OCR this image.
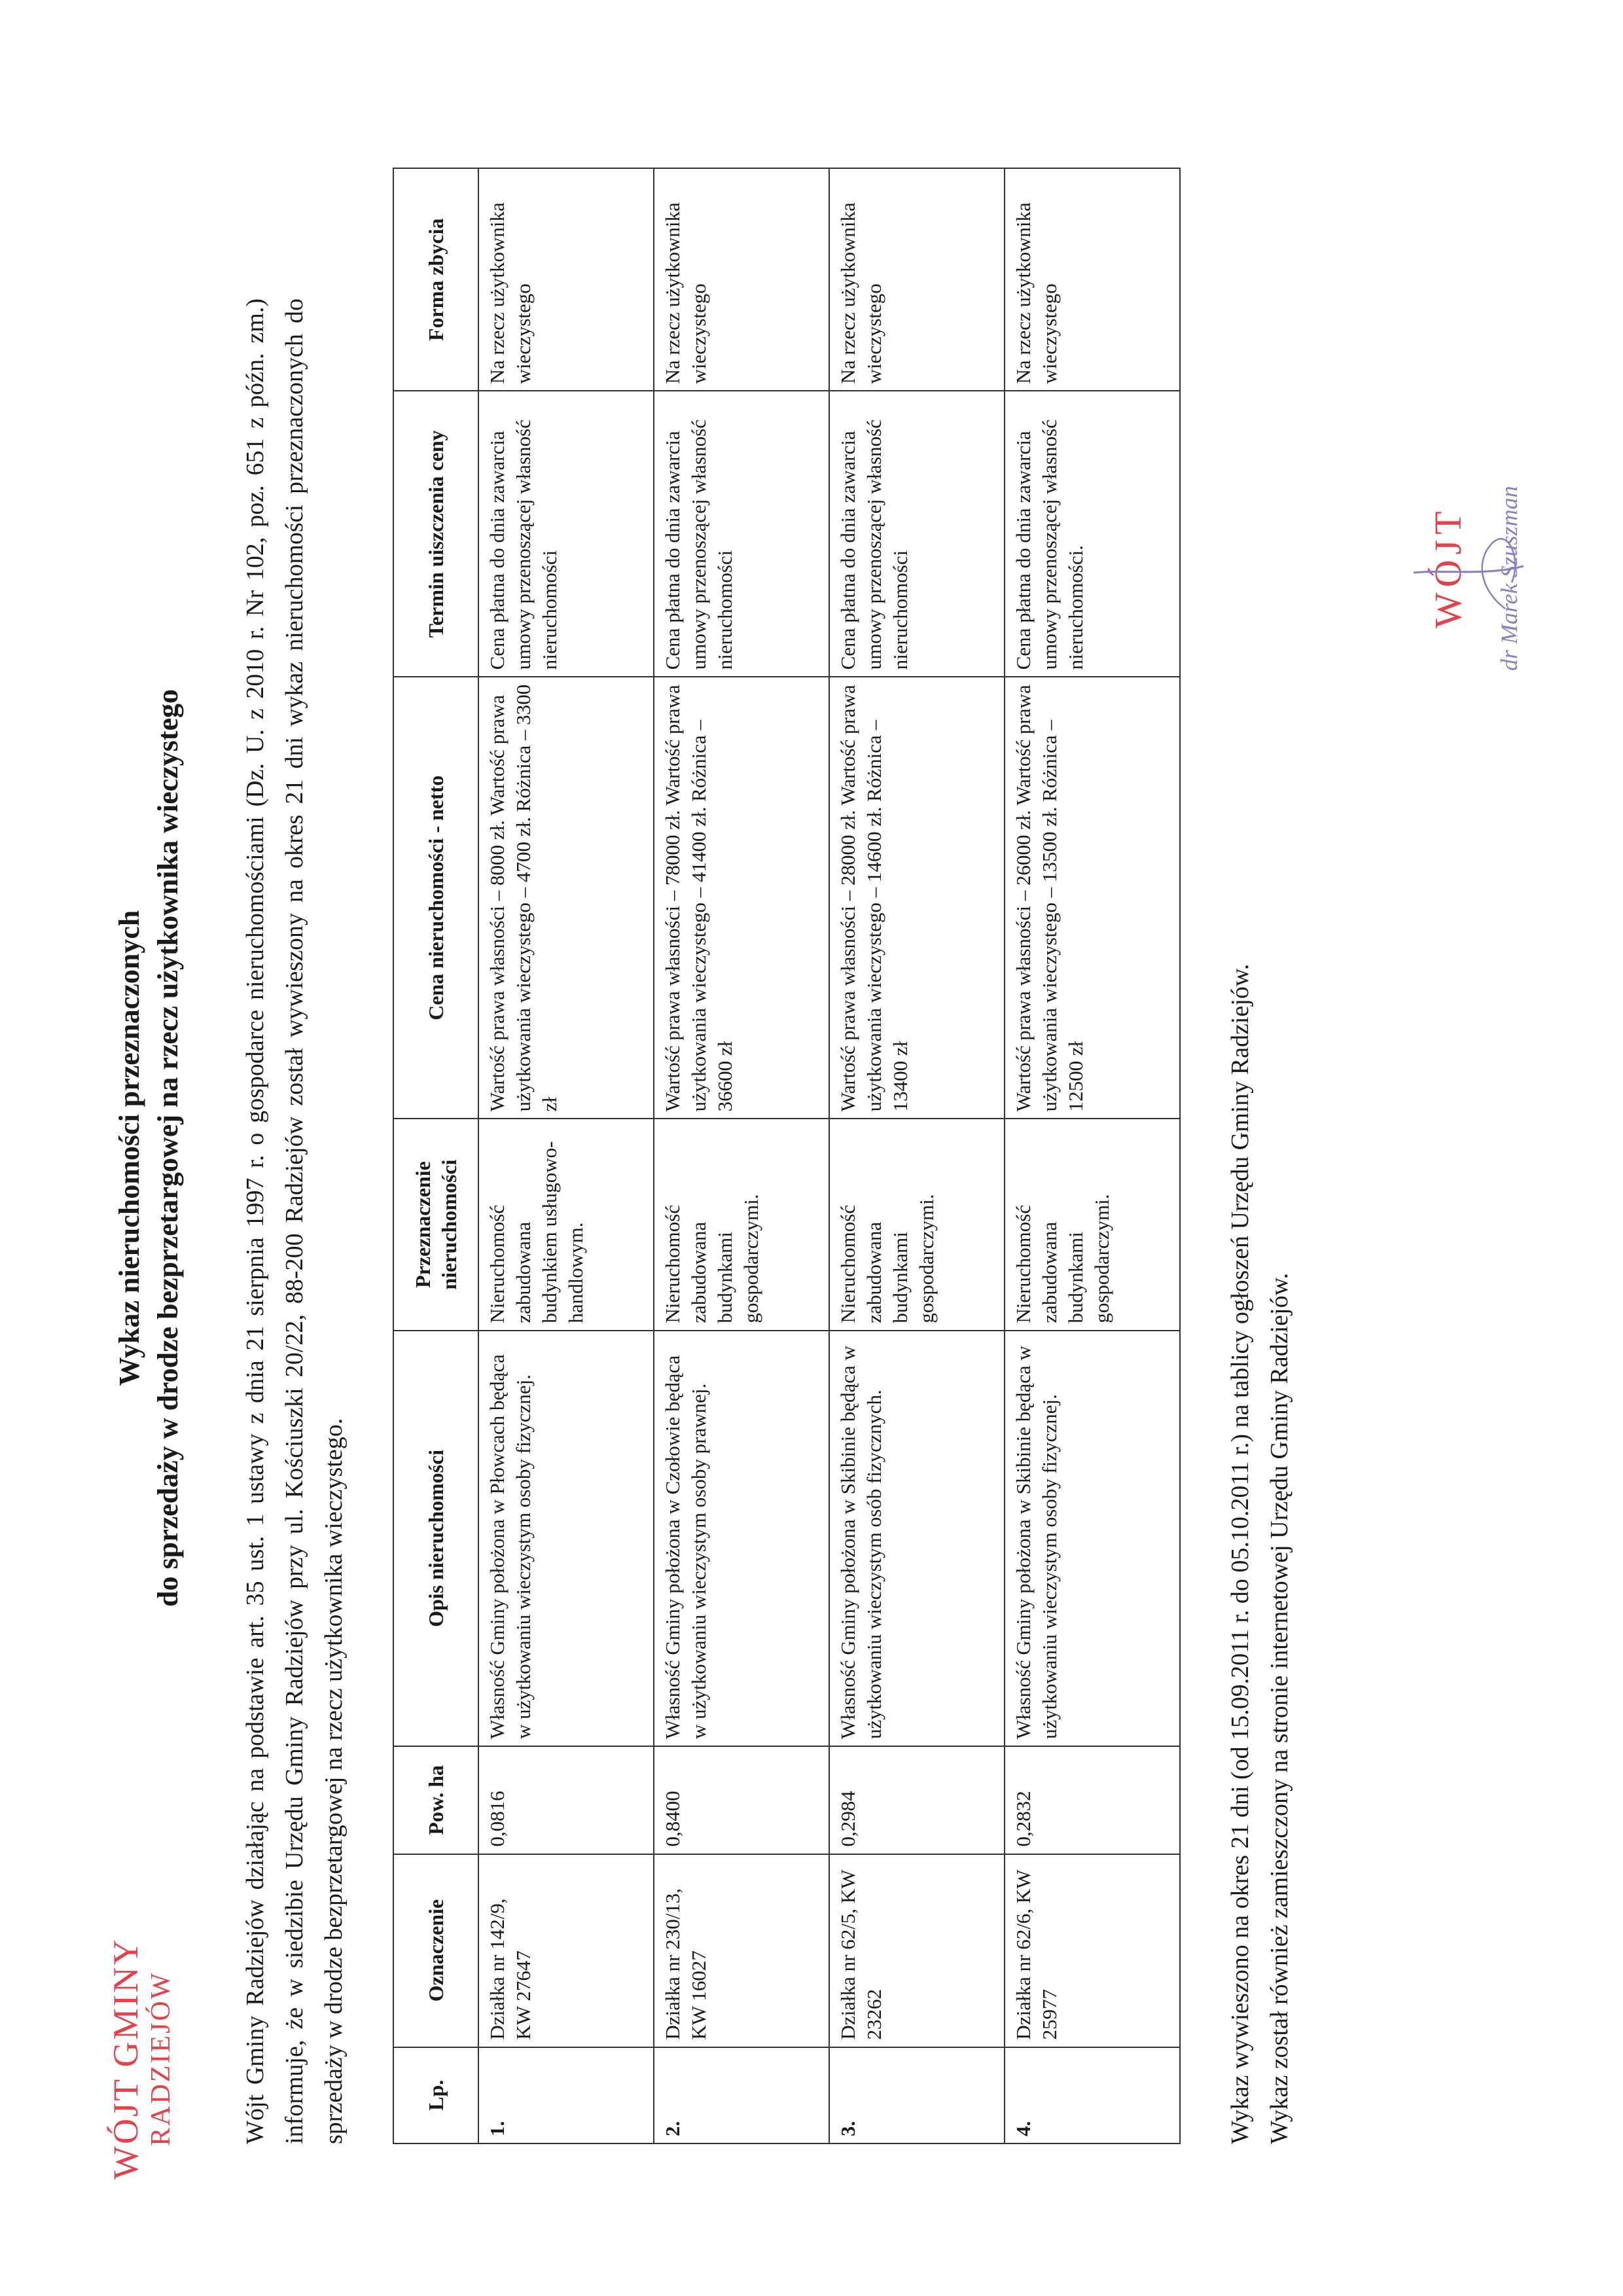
WÓJT GMINY RADZIEJÓW
Wykaz nieruchomości przeznaczonych do sprzedaży w drodze bezprzetargowej na rzecz użytkownika wieczystego Wójt Gminy Radziejów działając na podstawie art. 35 ust. 1 ustawy z dnia 21 sierpnia 1997 r. o gospodarce nieruchomościami (Dz. U. z 2010 r. Nr 102, poz. 651 z późn. zm.) informuje, że w siedzibie Urzędu Gminy Radziejów przy ul. Kościuszki 20/22, 88-200 Radziejów został wywieszony na okres 21 dni wykaz nieruchomości przeznaczonych do sprzedaży w drodze bezprzetargowej na rzecz użytkownika wieczystego.	Lp.	Oznaczenie	Pow. ha	Opis nieruchomości	Przeznaczenie nieruchomości	Cena nieruchomości - netto	Termin uiszczenia ceny	Forma zbycia
1.	Działka nr 142/9, KW 27647	0,0816	Własność Gminy położona w Płowcach będąca w użytkowaniu wieczystym osoby fizycznej.	Nieruchomość zabudowana budynkiem usługowo-handlowym.	Wartość prawa własności – 8000 zł. Wartość prawa użytkowania wieczystego – 4700 zł. Różnica – 3300 zł	Cena płatna do dnia zawarcia umowy przenoszącej własność nieruchomości	Na rzecz użytkownika wieczystego
2.	Działka nr 230/13, KW 16027	0,8400	Własność Gminy położona w Czołowie będąca w użytkowaniu wieczystym osoby prawnej.	Nieruchomość zabudowana budynkami gospodarczymi.	Wartość prawa własności – 78000 zł. Wartość prawa użytkowania wieczystego – 41400 zł. Różnica – 36600 zł	Cena płatna do dnia zawarcia umowy przenoszącej własność nieruchomości	Na rzecz użytkownika wieczystego
3.	Działka nr 62/5, KW 23262	0,2984	Własność Gminy położona w Skibinie będąca w użytkowaniu wieczystym osób fizycznych.	Nieruchomość zabudowana budynkami gospodarczymi.	Wartość prawa własności – 28000 zł. Wartość prawa użytkowania wieczystego – 14600 zł. Różnica – 13400 zł	Cena płatna do dnia zawarcia umowy przenoszącej własność nieruchomości	Na rzecz użytkownika wieczystego
4.	Działka nr 62/6, KW 25977	0,2832	Własność Gminy położona w Skibinie będąca w użytkowaniu wieczystym osoby fizycznej.	Nieruchomość zabudowana budynkami gospodarczymi.	Wartość prawa własności – 26000 zł. Wartość prawa użytkowania wieczystego – 13500 zł. Różnica – 12500 zł	Cena płatna do dnia zawarcia umowy przenoszącej własność nieruchomości.	Na rzecz użytkownika wieczystego
Wykaz wywieszono na okres 21 dni (od 15.09.2011 r. do 05.10.2011 r.) na tablicy ogłoszeń Urzędu Gminy Radziejów. Wykaz został również zamieszczony na stronie internetowej Urzędu Gminy Radziejów.
WÓJT dr Marek Szuszman
